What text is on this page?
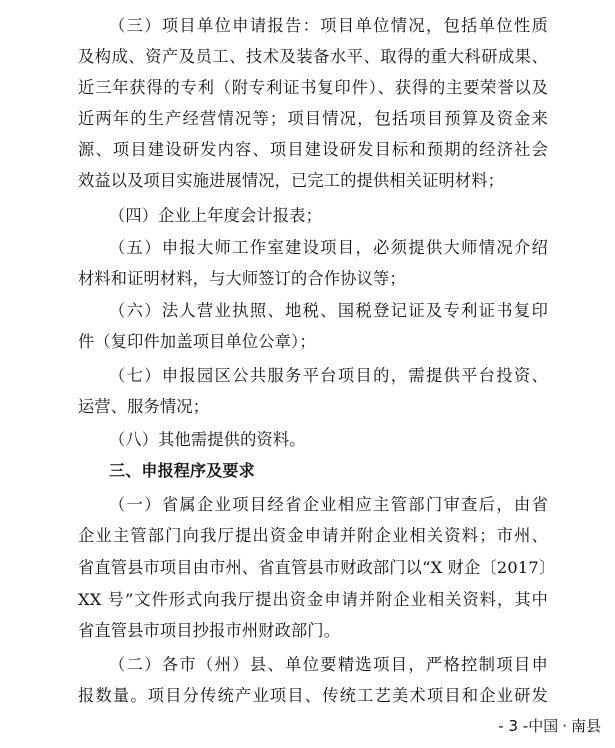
（三）项目单位申请报告：项目单位情况，包括单位性质
及构成、资产及员工、技术及装备水平、取得的重大科研成果、
近三年获得的专利（附专利证书复印件）、获得的主要荣誉以及
近两年的生产经营情况等；项目情况，包括项目预算及资金来
源、项目建设研发内容、项目建设研发目标和预期的经济社会
效益以及项目实施进展情况，已完工的提供相关证明材料；
（四）企业上年度会计报表；
（五）申报大师工作室建设项目，必须提供大师情况介绍
材料和证明材料，与大师签订的合作协议等；
（六）法人营业执照、地税、国税登记证及专利证书复印
件（复印件加盖项目单位公章）；
（七）申报园区公共服务平台项目的，需提供平台投资、
运营、服务情况；
（八）其他需提供的资料。
三、申报程序及要求
（一）省属企业项目经省企业相应主管部门审查后，由省
企业主管部门向我厅提出资金申请并附企业相关资料；市州、
省直管县市项目由市州、省直管县市财政部门以“X 财企〔2017〕
XX 号”文件形式向我厅提出资金申请并附企业相关资料，其中
省直管县市项目抄报市州财政部门。
（二）各市（州）县、单位要精选项目，严格控制项目申
报数量。项目分传统产业项目、传统工艺美术项目和企业研发
- 3 -中国 · 南县
